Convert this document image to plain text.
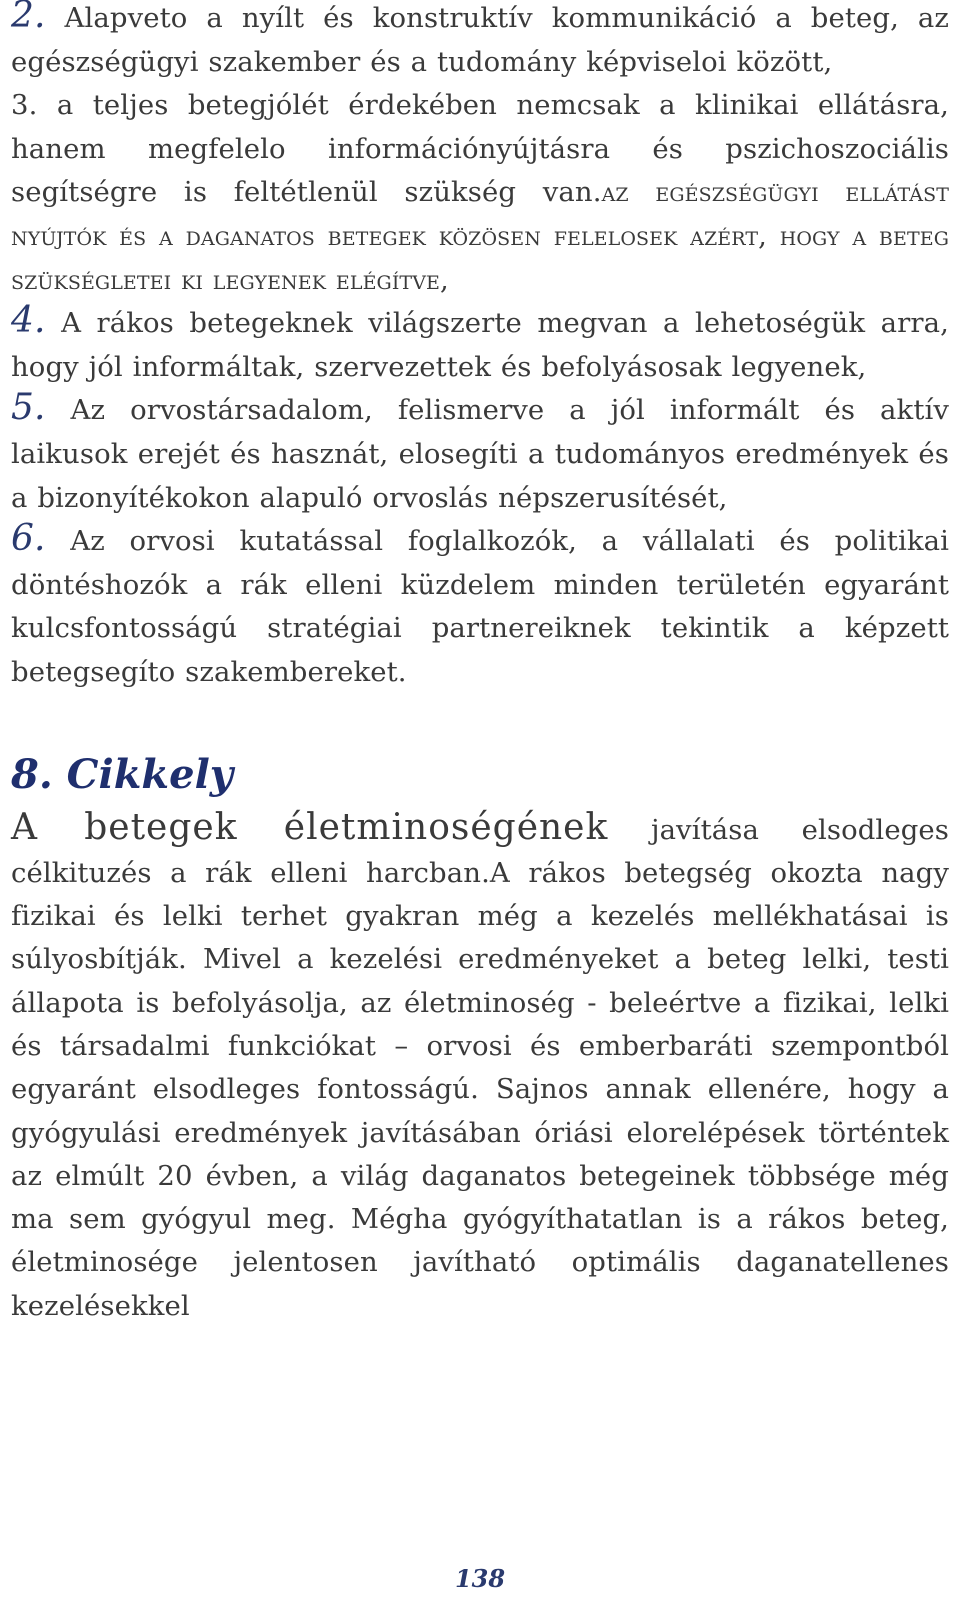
2. Alapveto a nyílt és konstruktív kommunikáció a beteg, az egészségügyi szakember és a tudomány képviseloi között,

3. a teljes betegjólét érdekében nemcsak a klinikai ellátásra, hanem megfelelo információnyújtásra és pszichoszociális segítségre is feltétlenül szükség van.az egészségügyi ellátást nyújtók és a daganatos betegek közösen felelosek azért, hogy a beteg szükségletei ki legyenek elégítve,

4. A rákos betegeknek világszerte megvan a lehetoségük arra, hogy jól informáltak, szervezettek és befolyásosak legyenek,

5. Az orvostársadalom, felismerve a jól informált és aktív laikusok erejét és hasznát, elosegíti a tudományos eredmények és a bizonyítékokon alapuló orvoslás népszerusítését,

6. Az orvosi kutatással foglalkozók, a vállalati és politikai döntéshozók a rák elleni küzdelem minden területén egyaránt kulcsfontosságú stratégiai partnereiknek tekintik a képzett betegsegíto szakembereket.

8. Cikkely

A betegek életminoségének javítása elsodleges célkituzés a rák elleni harcban.A rákos betegség okozta nagy fizikai és lelki terhet gyakran még a kezelés mellékhatásai is súlyosbítják. Mivel a kezelési eredményeket a beteg lelki, testi állapota is befolyásolja, az életminoség - beleértve a fizikai, lelki és társadalmi funkciókat – orvosi és emberbaráti szempontból egyaránt elsodleges fontosságú. Sajnos annak ellenére, hogy a gyógyulási eredmények javításában óriási elorelépések történtek az elmúlt 20 évben, a világ daganatos betegeinek többsége még ma sem gyógyul meg. Mégha gyógyíthatatlan is a rákos beteg, életminosége jelentosen javítható optimális daganatellenes kezelésekkel

138
